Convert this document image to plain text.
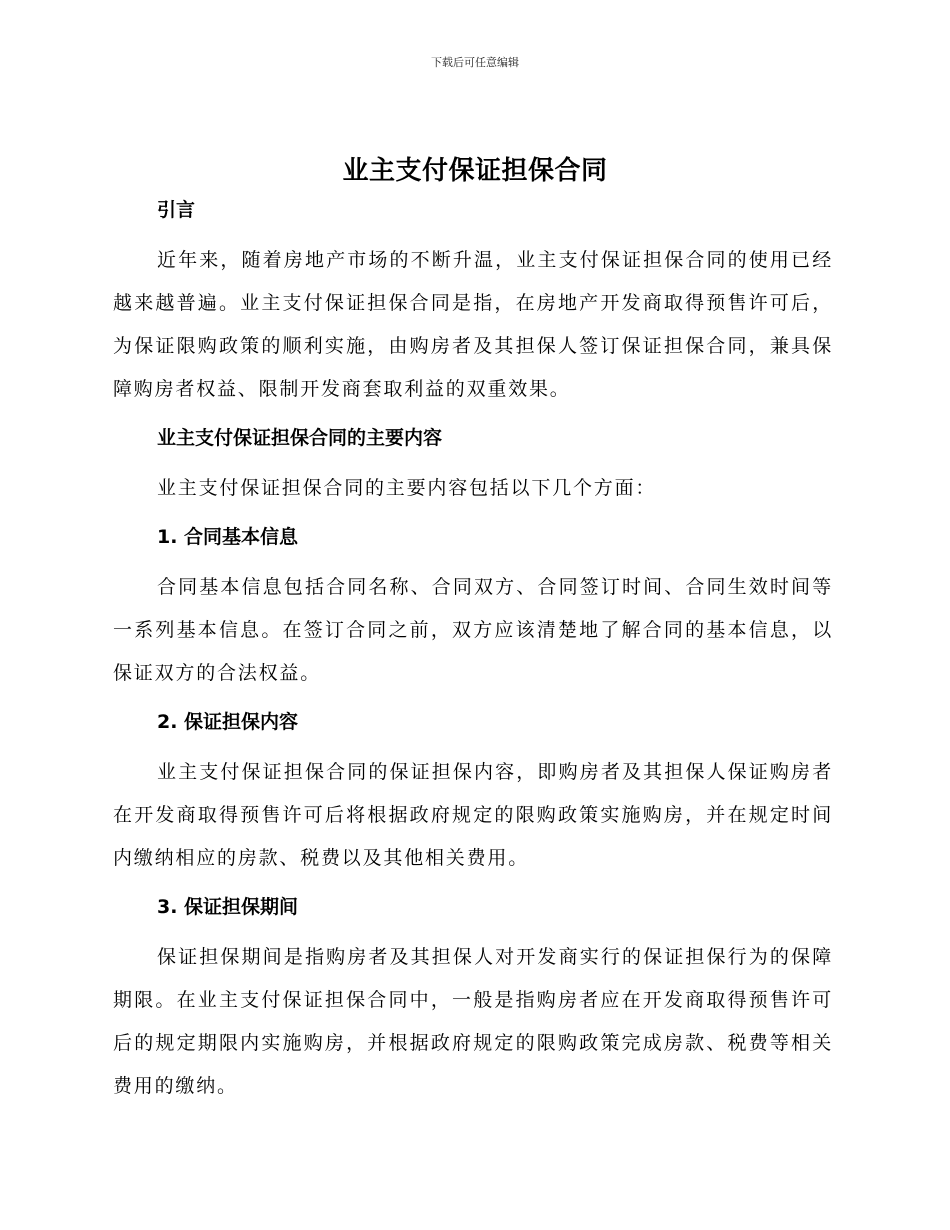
下载后可任意编辑
业主支付保证担保合同
引言

近年来，随着房地产市场的不断升温，业主支付保证担保合同的使用已经越来越普遍。业主支付保证担保合同是指，在房地产开发商取得预售许可后，为保证限购政策的顺利实施，由购房者及其担保人签订保证担保合同，兼具保障购房者权益、限制开发商套取利益的双重效果。

业主支付保证担保合同的主要内容

业主支付保证担保合同的主要内容包括以下几个方面：

1. 合同基本信息

合同基本信息包括合同名称、合同双方、合同签订时间、合同生效时间等一系列基本信息。在签订合同之前，双方应该清楚地了解合同的基本信息，以保证双方的合法权益。

2. 保证担保内容

业主支付保证担保合同的保证担保内容，即购房者及其担保人保证购房者在开发商取得预售许可后将根据政府规定的限购政策实施购房，并在规定时间内缴纳相应的房款、税费以及其他相关费用。

3. 保证担保期间

保证担保期间是指购房者及其担保人对开发商实行的保证担保行为的保障期限。在业主支付保证担保合同中，一般是指购房者应在开发商取得预售许可后的规定期限内实施购房，并根据政府规定的限购政策完成房款、税费等相关费用的缴纳。
